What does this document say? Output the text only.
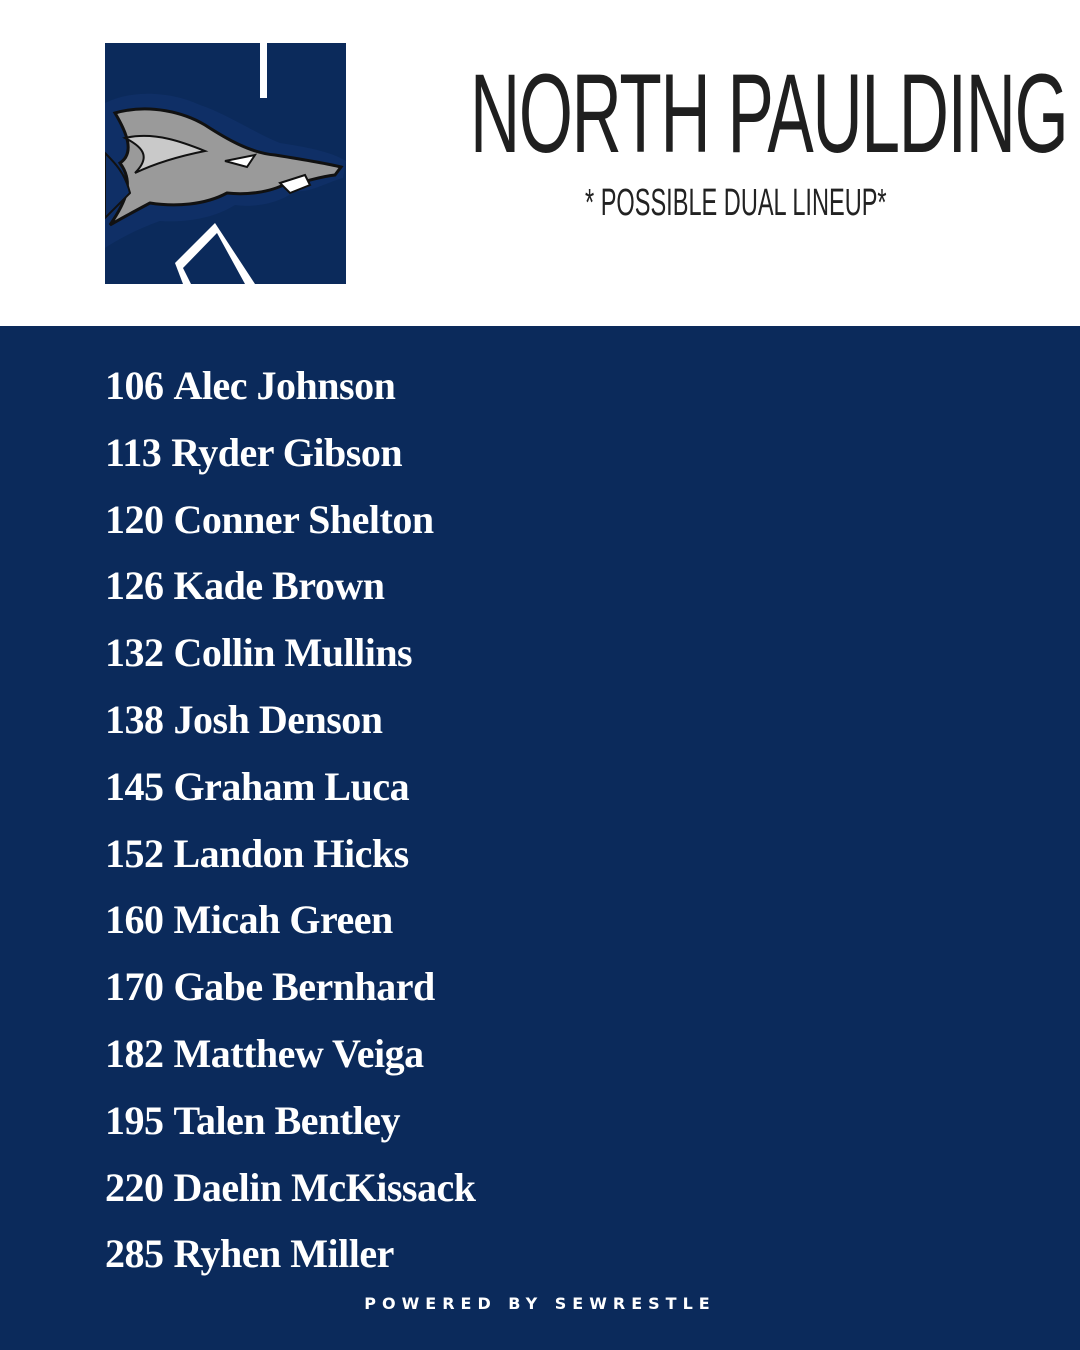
NORTH PAULDING
* POSSIBLE DUAL LINEUP*
106 Alec Johnson
113 Ryder Gibson
120 Conner Shelton
126 Kade Brown
132 Collin Mullins
138 Josh Denson
145 Graham Luca
152 Landon Hicks
160 Micah Green
170 Gabe Bernhard
182 Matthew Veiga
195 Talen Bentley
220 Daelin McKissack
285 Ryhen Miller
POWERED BY SEWRESTLE
